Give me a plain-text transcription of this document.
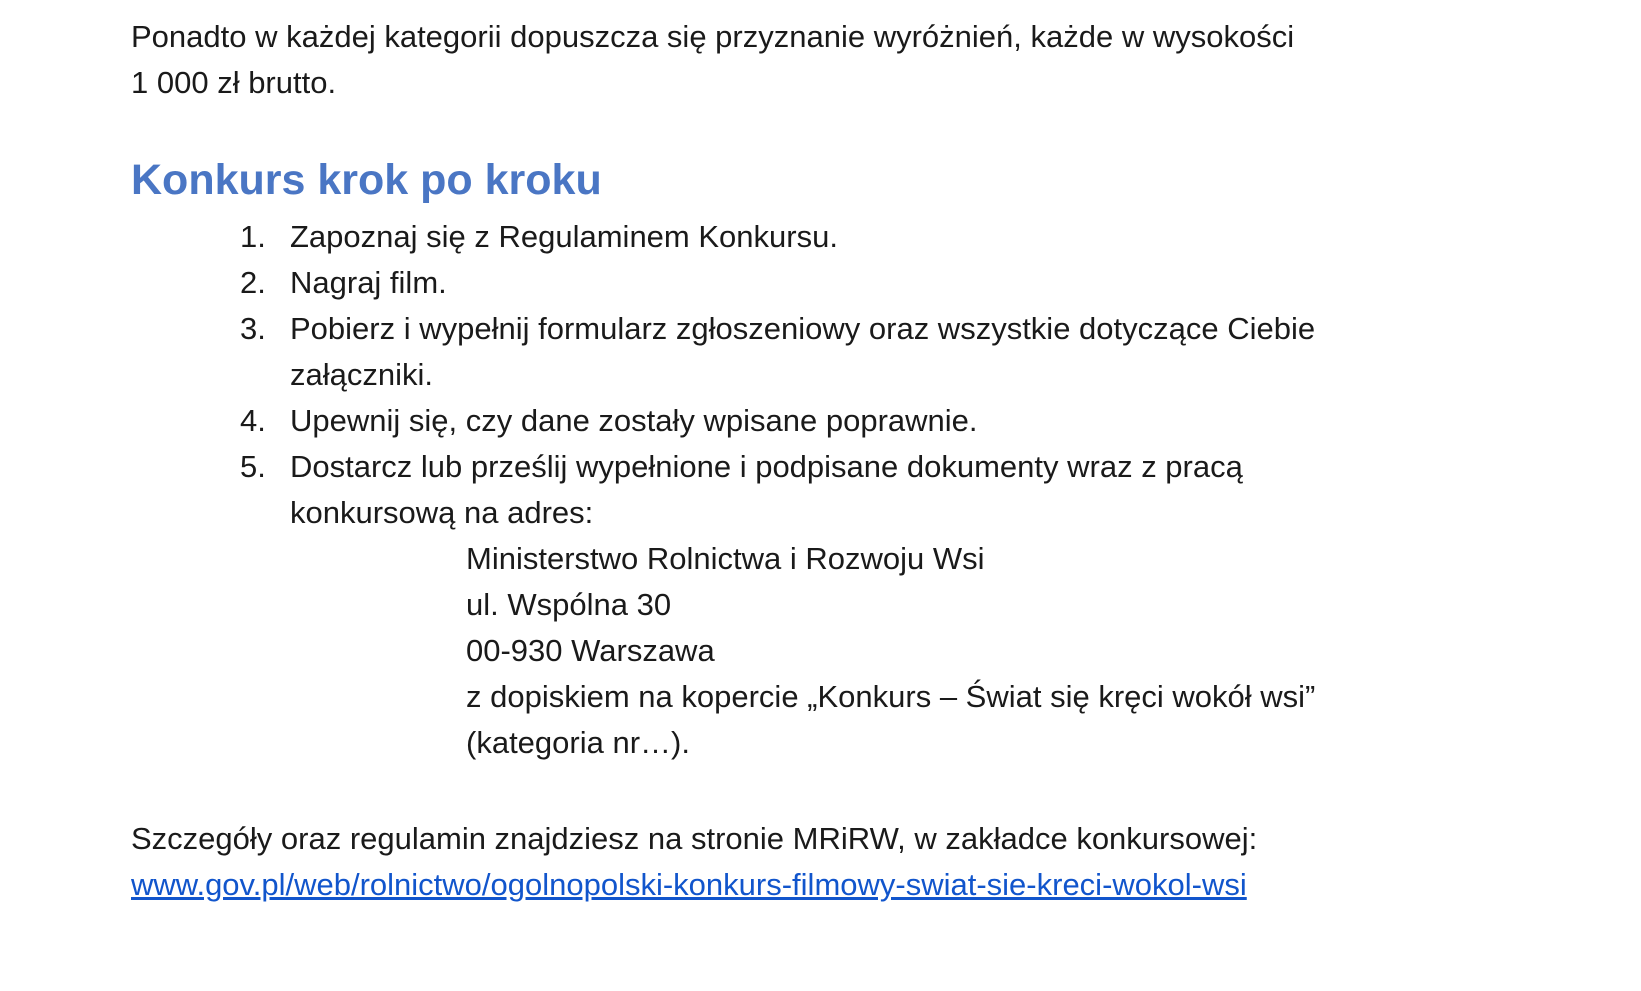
Ponadto w każdej kategorii dopuszcza się przyznanie wyróżnień, każde w wysokości
1 000 zł brutto.

Konkurs krok po kroku
1. Zapoznaj się z Regulaminem Konkursu.
2. Nagraj film.
3. Pobierz i wypełnij formularz zgłoszeniowy oraz wszystkie dotyczące Ciebie
załączniki.
4. Upewnij się, czy dane zostały wpisane poprawnie.
5. Dostarcz lub prześlij wypełnione i podpisane dokumenty wraz z pracą
konkursową na adres:
Ministerstwo Rolnictwa i Rozwoju Wsi
ul. Wspólna 30
00-930 Warszawa
z dopiskiem na kopercie „Konkurs – Świat się kręci wokół wsi”
(kategoria nr…).

Szczegóły oraz regulamin znajdziesz na stronie MRiRW, w zakładce konkursowej:
www.gov.pl/web/rolnictwo/ogolnopolski-konkurs-filmowy-swiat-sie-kreci-wokol-wsi
